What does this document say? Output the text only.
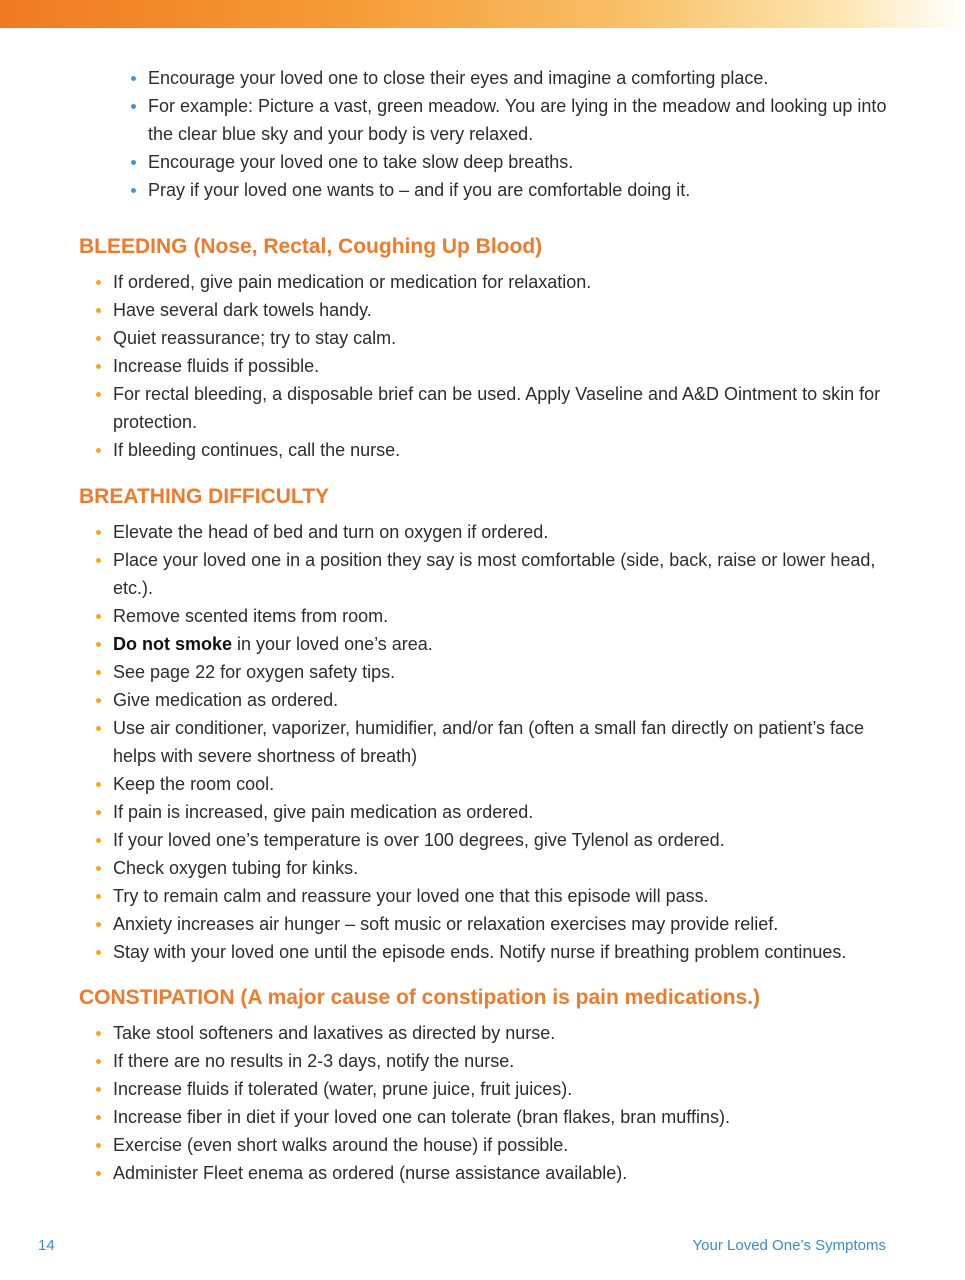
Encourage your loved one to close their eyes and imagine a comforting place.
For example: Picture a vast, green meadow. You are lying in the meadow and looking up into the clear blue sky and your body is very relaxed.
Encourage your loved one to take slow deep breaths.
Pray if your loved one wants to – and if you are comfortable doing it.
BLEEDING (Nose, Rectal, Coughing Up Blood)
If ordered, give pain medication or medication for relaxation.
Have several dark towels handy.
Quiet reassurance; try to stay calm.
Increase fluids if possible.
For rectal bleeding, a disposable brief can be used. Apply Vaseline and A&D Ointment to skin for protection.
If bleeding continues, call the nurse.
BREATHING DIFFICULTY
Elevate the head of bed and turn on oxygen if ordered.
Place your loved one in a position they say is most comfortable (side, back, raise or lower head, etc.).
Remove scented items from room.
Do not smoke in your loved one’s area.
See page 22 for oxygen safety tips.
Give medication as ordered.
Use air conditioner, vaporizer, humidifier, and/or fan (often a small fan directly on patient’s face helps with severe shortness of breath)
Keep the room cool.
If pain is increased, give pain medication as ordered.
If your loved one’s temperature is over 100 degrees, give Tylenol as ordered.
Check oxygen tubing for kinks.
Try to remain calm and reassure your loved one that this episode will pass.
Anxiety increases air hunger – soft music or relaxation exercises may provide relief.
Stay with your loved one until the episode ends. Notify nurse if breathing problem continues.
CONSTIPATION (A major cause of constipation is pain medications.)
Take stool softeners and laxatives as directed by nurse.
If there are no results in 2-3 days, notify the nurse.
Increase fluids if tolerated (water, prune juice, fruit juices).
Increase fiber in diet if your loved one can tolerate (bran flakes, bran muffins).
Exercise (even short walks around the house) if possible.
Administer Fleet enema as ordered (nurse assistance available).
14	Your Loved One’s Symptoms
